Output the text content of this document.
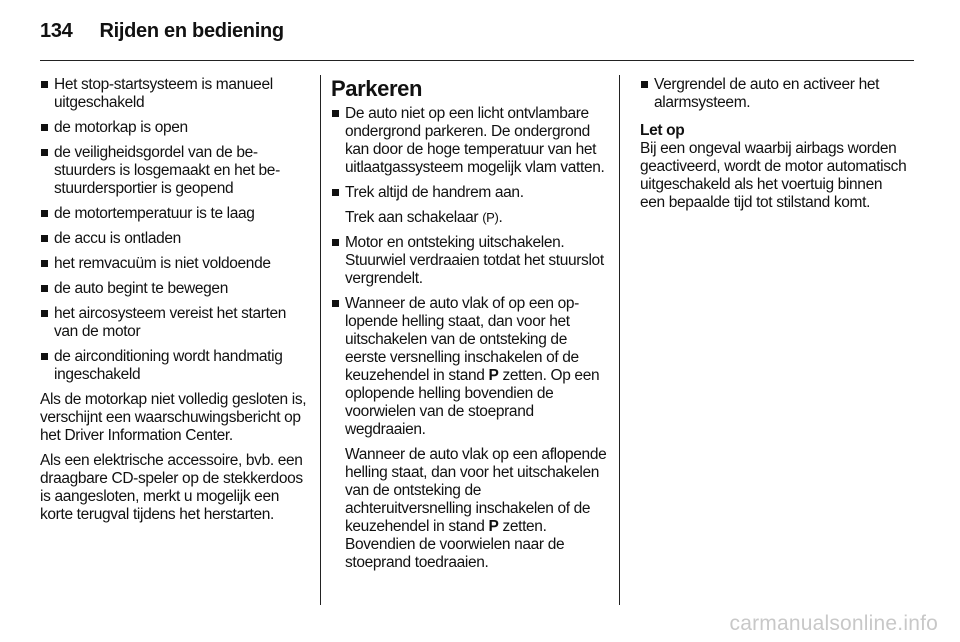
134 Rijden en bediening
Het stop-startsysteem is manueel uitgeschakeld
de motorkap is open
de veiligheidsgordel van de bestuurders is losgemaakt en het bestuurdersportier is geopend
de motortemperatuur is te laag
de accu is ontladen
het remvacuüm is niet voldoende
de auto begint te bewegen
het aircosysteem vereist het starten van de motor
de airconditioning wordt handmatig ingeschakeld

Als de motorkap niet volledig gesloten is, verschijnt een waarschuwingsbericht op het Driver Information Center.

Als een elektrische accessoire, bvb. een draagbare CD-speler op de stekkerdoos is aangesloten, merkt u mogelijk een korte terugval tijdens het herstarten.

Parkeren
De auto niet op een licht ontvlambare ondergrond parkeren. De ondergrond kan door de hoge temperatuur van het uitlaatgassysteem mogelijk vlam vatten.
Trek altijd de handrem aan.
Trek aan schakelaar (P).
Motor en ontsteking uitschakelen. Stuurwiel verdraaien totdat het stuurslot vergrendelt.
Wanneer de auto vlak of op een oplopende helling staat, dan voor het uitschakelen van de ontsteking de eerste versnelling inschakelen of de keuzehendel in stand P zetten. Op een oplopende helling bovendien de voorwielen van de stoeprand wegdraaien.
Wanneer de auto vlak op een aflopende helling staat, dan voor het uitschakelen van de ontsteking de achteruitversnelling inschakelen of de keuzehendel in stand P zetten. Bovendien de voorwielen naar de stoeprand toedraaien.
Vergrendel de auto en activeer het alarmsysteem.

Let op

Bij een ongeval waarbij airbags worden geactiveerd, wordt de motor automatisch uitgeschakeld als het voertuig binnen een bepaalde tijd tot stilstand komt.

carmanualsonline.info
